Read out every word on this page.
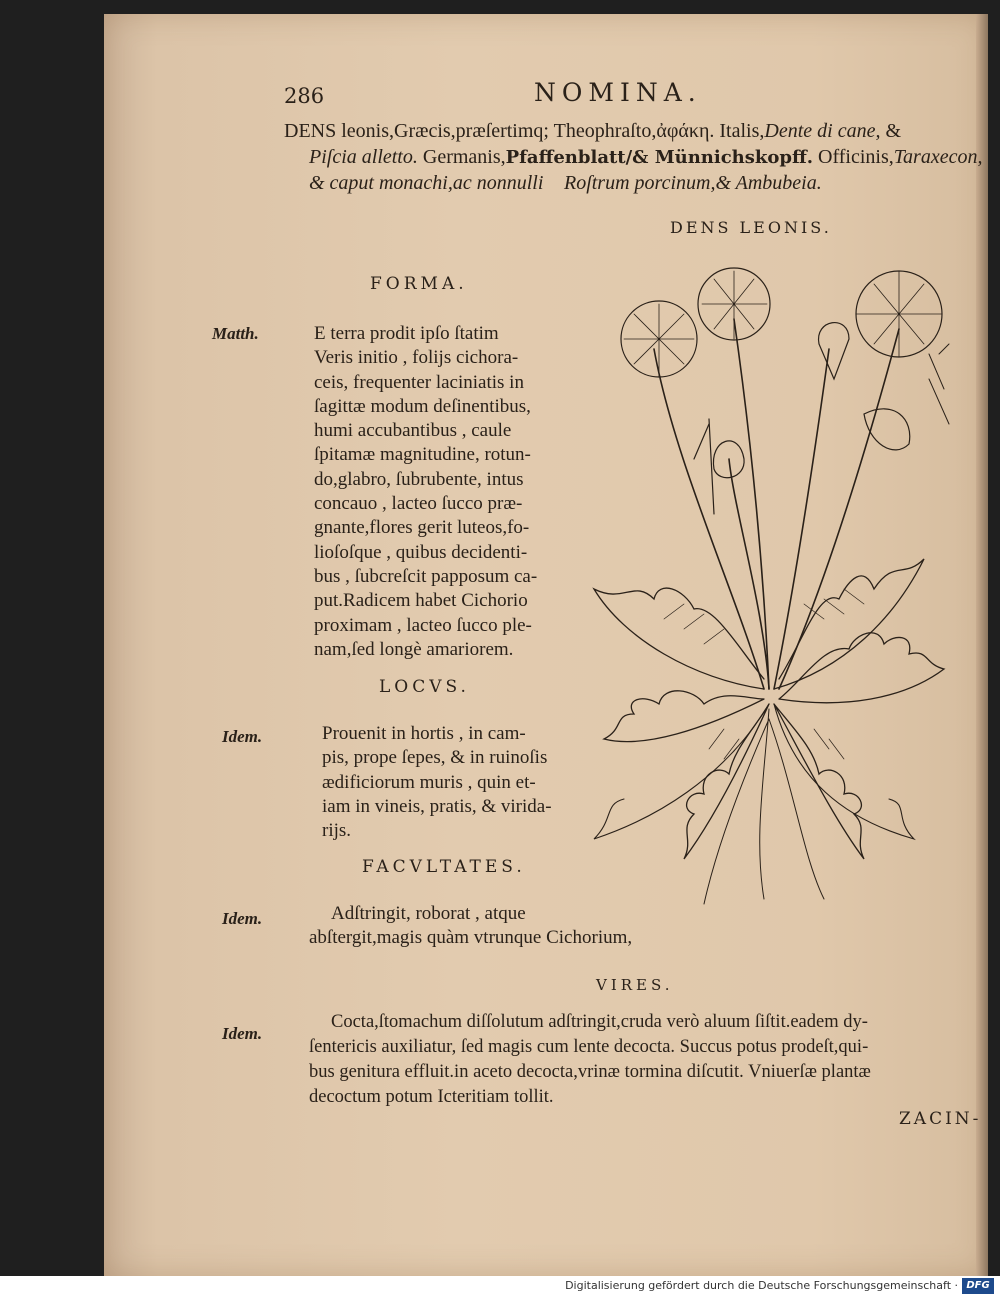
286	NOMINA.
DENS leonis,Græcis,præſertimq; Theophraſto,ἀφάκη. Italis,Dente di cane, &
Piſcia alletto. Germanis,Pfaffenblatt/& Münnichskopff. Officinis,Taraxecon,
& caput monachi,ac nonnulliᷓ Roſtrum porcinum,& Ambubeia.
DENS LEONIS.
FORMA.
Matth.	E terra prodit ipſo ſtatim
Veris initio , folijs cichora-
ceis, frequenter laciniatis in
ſagittæ modum deſinentibus,
humi accubantibus , caule
ſpitamæ magnitudine, rotun-
do,glabro, ſubrubente, intus
concauo , lacteo ſucco præ-
gnante,flores gerit luteos,fo-
lioſoſque , quibus decidenti-
bus , ſubcreſcit papposum ca-
put.Radicem habet Cichorio
proximam , lacteo ſucco ple-
nam,ſed longè amariorem.
LOCVS.
Idem.	Prouenit in hortis , in cam-
pis, prope ſepes, & in ruinoſis
ædificiorum muris , quin et-
iam in vineis, pratis, & virida-
rijs.
FACVLTATES.
Idem.	Adſtringit, roborat , atque
abſtergit,magis quàm vtrunque Cichorium,
VIRES.
Idem.
Cocta,ſtomachum diſſolutum adſtringit,cruda verò aluum ſiſtit.eadem dy-
ſentericis auxiliatur, ſed magis cum lente decocta. Succus potus prodeſt,qui-
bus genitura effluit.in aceto decocta,vrinæ tormina diſcutit. Vniuerſæ plantæ
decoctum potum Icteritiam tollit.
ZACIN-
Digitalisierung gefördert durch die Deutsche Forschungsgemeinschaft · DFG
